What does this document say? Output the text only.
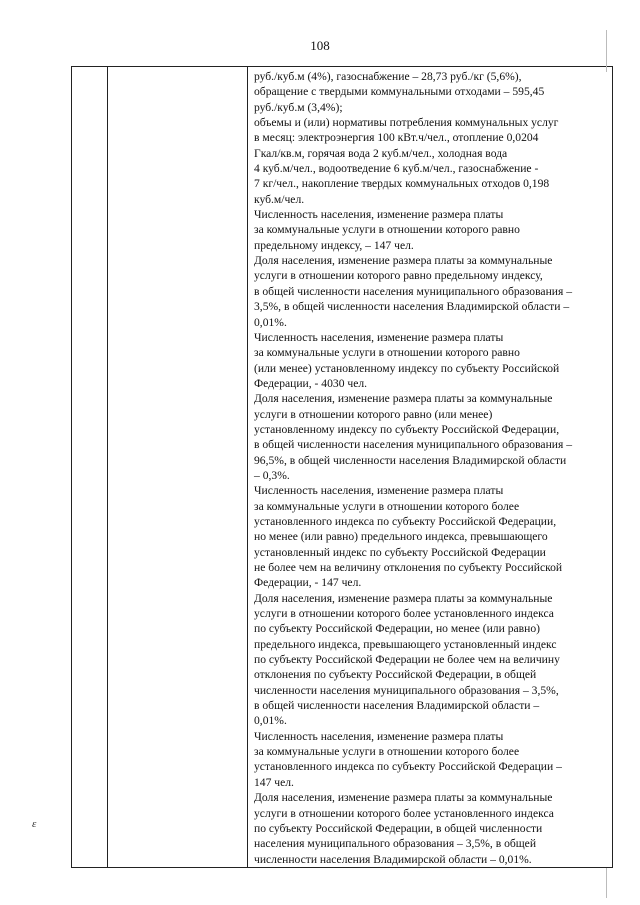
108

руб./куб.м (4%), газоснабжение – 28,73 руб./кг (5,6%),
обращение с твердыми коммунальными отходами – 595,45
руб./куб.м (3,4%);
объемы и (или) нормативы потребления коммунальных услуг
в месяц: электроэнергия 100 кВт.ч/чел., отопление 0,0204
Гкал/кв.м, горячая вода 2 куб.м/чел., холодная вода
4 куб.м/чел., водоотведение 6 куб.м/чел., газоснабжение -
7 кг/чел., накопление твердых коммунальных отходов 0,198
куб.м/чел.
Численность населения, изменение размера платы
за коммунальные услуги в отношении которого равно
предельному индексу, – 147 чел.
Доля населения, изменение размера платы за коммунальные
услуги в отношении которого равно предельному индексу,
в общей численности населения муниципального образования –
3,5%, в общей численности населения Владимирской области –
0,01%.
Численность населения, изменение размера платы
за коммунальные услуги в отношении которого равно
(или менее) установленному индексу по субъекту Российской
Федерации, - 4030 чел.
Доля населения, изменение размера платы за коммунальные
услуги в отношении которого равно (или менее)
установленному индексу по субъекту Российской Федерации,
в общей численности населения муниципального образования –
96,5%, в общей численности населения Владимирской области
– 0,3%.
Численность населения, изменение размера платы
за коммунальные услуги в отношении которого более
установленного индекса по субъекту Российской Федерации,
но менее (или равно) предельного индекса, превышающего
установленный индекс по субъекту Российской Федерации
не более чем на величину отклонения по субъекту Российской
Федерации, - 147 чел.
Доля населения, изменение размера платы за коммунальные
услуги в отношении которого более установленного индекса
по субъекту Российской Федерации, но менее (или равно)
предельного индекса, превышающего установленный индекс
по субъекту Российской Федерации не более чем на величину
отклонения по субъекту Российской Федерации, в общей
численности населения муниципального образования – 3,5%,
в общей численности населения Владимирской области –
0,01%.
Численность населения, изменение размера платы
за коммунальные услуги в отношении которого более
установленного индекса по субъекту Российской Федерации –
147 чел.
Доля населения, изменение размера платы за коммунальные
услуги в отношении которого более установленного индекса
по субъекту Российской Федерации, в общей численности
населения муниципального образования – 3,5%, в общей
численности населения Владимирской области – 0,01%.
ε
